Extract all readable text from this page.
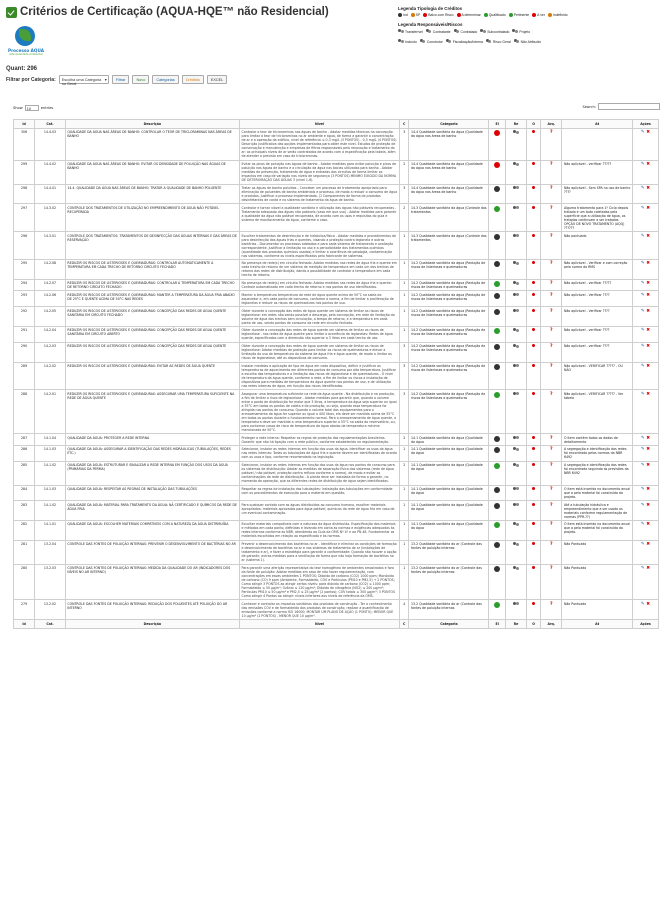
Critérios de Certificação (AQUA-HQE™ não Residencial)
Processo AQUA
Alta Qualidade Ambiental
Quant: 296
Filtrar por Categoria:	Escolha uma Categoria ou Geral ▾
Filtrar	Novo	Categorias	Créditos	EXCEL
Legenda Tipologia de Créditos
Ind SP Baixo com Risco A determinar Qualificado Pertinente A ver Indefinido
Legenda Responsáveis/Riscos
Transferível	Contratante	Contratado	Subcontratado	Projeto
Incluído	Construtor	Fiscalização/Interna	Risco Geral	Não Atribuído
Show	10	entries	Search:
Id	Cat.	Descrição	Nível	C	Categoria	Ei	Re	O	Arq.	At	Ações
306	14.4.03	QUALIDADE DA ÁGUA NAS ÁREAS DE BANHO: CONTROLAR O TEOR DE TRICLORAMINAS NAS ÁREAS DE BANHO	Controlar o teor de tricloraminas nas águas de banho - Adotar medidas técnicas na concepção para limitar o teor de tricloraminas no ar ambiente e água, de forma a garantir a concentração de ar e a operação da edifício, nível de referência ≤ 0,3 mg/L (3 PONTOS) - 0,3 mg/L (4 PONTOS) Descrição justificativa das opções implementadas para obter este nível. Estudos de proteção de conservação e manutenção e empresas de filtros responsáveis pela renovação e tratamento do ar: os principais níveis de ar serão contratados de acordo com a especificação pela tabela, além de atender o previsto em caso de tricloraminas.	3	14.4 Qualidade sanitária da água (Qualidade da água nas áreas de banho				?		✎ ✖
299	14.4.02	QUALIDADE DA ÁGUA NAS ÁREAS DE BANHO: EVITAR OS DENSIDADE DE POLUIÇÃO NAS ÁGUAS DE BANHO	Evitar os picos de poluição nas águas de banho - Adotar medidas para evitar poluição e picos de poluição nas águas de banho e a circulação da água nas bacias utilizadas para banho - Adotar medidas de prevenção, tratamento de água e entradas dos circuitos de forma limitar os impactos em caso de variação nos níveis de segurança (3 PONTOS) MÍNIMO EXIGIDO DA NORMA DE DETERIORAÇÃO DAS ÁGUAS 3 (nível 1-6).	2	14.4 Qualidade sanitária da água (Qualidade da água nas áreas de banho				?	Não aplicável - verificar ?????	✎ ✖
298	14.4.01	14.4. QUALIDADE DA ÁGUA NAS ÁREAS DE BANHO: TRATAR A QUALIDADE DE BANHO POLUENTE	Tratar as águas de banho poluídas - Conceber um processo de tratamento apropriado para eliminação de poluentes de banho ambientais e processo, de modo a reduzir o consumo de água e produtos. Justificar o processo implementado. (1 Componentes de forma de produtos desinfetantes de conta e no sistema de tratamento da água de banho.	3	14.4 Qualidade sanitária da água (Qualidade da água nas áreas de banho				?	Não aplicável - Sem SPA no uso de banho ????	✎ ✖
297	14.3.02	CONTROLE DOS TRATAMENTOS DE UTILIZAÇÃO NO EMPREENDIMENTO DE ÁGUA NÃO POTÁVEL RECUPERADA	Controlar e tornar viável a qualidade sanitária e utilização das águas não potáveis recuperadas - Tratamento adequado das águas não potáveis (caso em que uso) - Adotar medidas para garantir a qualidade da água não potável recuperada, de acordo com os usos e requisitos do guia e sistema de monitoramento da água, conforme o caso.	2	14.3 Qualidade sanitária da água (Controle dos tratamentos				?	Alguma tratamento para 1º Ciclo depois tratado e um todo coletadas pela superfície que a utilização de água, os tratados continuam a ser tratadas OPÇÃO DE NOVO TRATAMENTO (AQQ) ??????	✎ ✖
296	14.3.01	CONTROLE DOS TRATAMENTOS: TRATAMENTOS DE DESINFECÇÃO DAS ÁGUAS INTERNAS E DAS ÁREAS DE RESERVAÇÃO	Escolher tratamentos de desinfecção e de hidráulica/física - Adotar medidas e procedimentos de para desinfecção das águas frias e quentes, visando a proteção contra legionela e outras bactérias - Documentar os processos adotados e para cada sistema de tratamento e avaliação correspondente. Justificar a limitação no uso e a periodicidade dos tratamentos químicos (quantidade dos produtos químicos usados) e limitar a ocorrência de patologia, contaminação nos sistemas, conforme os níveis especificados pelo fabricante de sistemas.	1	14.3 Qualidade sanitária da água (Controle dos tratamentos				?	Não pontuado	✎ ✖
295	14.2.08	REDUZIR OS RISCOS DE LISTERIOSES E QUEIMADURAS: CONTROLAR AUTOMATICAMENTE A TEMPERATURA EM CADA TRECHO DE RETORNO CIRCUITO FECHADO	Na presença de rede(s) em circuito fechado: Adotar medidas nas redes de água fria e quente em cada trecho de retorno de um sistema de medição de temperatura em cada um dos trechos de retorno das redes de distribuição, dando a possibilidade de controlar a temperatura em cada trecho de retorno.	1	14.2 Qualidade sanitária da água (Redução de riscos de listerioses e queimaduras				?	Não aplicável - Verificar e com correção pela norma da RMS	✎ ✖
294	14.2.07	REDUZIR OS RISCOS DE LISTERIOSES E QUEIMADURAS: CONTROLAR A TEMPERATURA EM CADA TRECHO DE RETORNO CIRCUITO FECHADO	Na presença de rede(s) em circuito fechado: Adotar medidas nas redes de água fria e quente: Controle automatizado em cada trecho de retorno e nos pontos de uso identificados.	1	14.2 Qualidade sanitária da água (Redução de riscos de listerioses e queimaduras				?	Não aplicável - verificar ?????	✎ ✖
293	14.2.06	REDUZIR OS RISCOS DE LISTERIOSES E QUEIMADURAS: MANTER A TEMPERATURA DA ÁGUA FRIA ABAIXO DE 25°C E QUENTE ACIMA DE 50°C NAS REDES	Manter a temperatura temperatura da rede de água quente acima de 50°C na saída do aquecedor e, em cada ponto de consumo, conforme a norma, a fim de limitar a proliferação de legionelas e reduzir os riscos de queimaduras nos pontos de uso.	1	14.2 Qualidade sanitária da água (Redução de riscos de listerioses e queimaduras				?	Não aplicável - Verificar ????	✎ ✖
292	14.2.05	REDUZIR OS RISCOS DE LISTERIOSES E QUEIMADURAS: CONCEPÇÃO DAS REDES DE ÁGUA QUENTE SANITÁRIA EM CIRCUITO FECHADO	Obter durante a concepção das redes de água quente um sistema de limitar os riscos de legionelose: em redes não sendo possível a descarga, pela concepção, em rede de limitação do volume de água dos trechos sem circulação, o tempo de retorno, e a temperatura em cada ponto de uso, sendo pontos de consumo da rede em circuito fechado.	1	14.2 Qualidade sanitária da água (Redução de riscos de listerioses e queimaduras				?	Não aplicável - Verificar ????	✎ ✖
291	14.2.04	REDUZIR OS RISCOS DE LISTERIOSES E QUEIMADURAS: CONCEPÇÃO DAS REDES DE ÁGUA QUENTE SANITÁRIA EM CIRCUITO ABERTO	Obter durante a concepção das redes de água quente um sistema de limitar os riscos de legionelose - nas redes de água quente para limitar a ocorrência de legionelas: Redes de água quente, especificados com a dimensão não superior a 3 litros em cada trecho de uso.	1	14.2 Qualidade sanitária da água (Redução de riscos de listerioses e queimaduras				?	Não aplicável - verificar ????	✎ ✖
290	14.2.03	REDUZIR OS RISCOS DE LISTERIOSES E QUEIMADURAS: CONCEPÇÃO DAS REDES DE ÁGUA QUENTE	Obter durante a concepção das redes de água quente um sistema de limitar os riscos de legionelose: Adotar medidas de proteção para limitar os riscos de queimaduras e elevar a limitação do uso de temperatura do sistema de água fria e água quente, de modo a limitar os riscos de legionelose, até os dispositivos de consumo.	3	14.2 Qualidade sanitária da água (Redução de riscos de listerioses e queimaduras				?	Não aplicável - verificar ????	✎ ✖
289	14.2.02	REDUZIR OS RISCOS DE LISTERIOSES E QUEIMADURAS: EVITAR AS REDES DE ÁGUA QUENTE	Instalar medidas a aplicação de tipo de água em cada dispositivo, definir e justificar as temperaturas de aquecimento em diferentes pontos de consumo por alta temperatura. Justificar a escolha das temperaturas e a limitação dos riscos de legionelose e de queimaduras - O nível de temperatura da água quente, conforme a rede, a fim de limitar os riscos a instalação de dispositivos para medidas de temperatura da água quente nos pontos de uso, e de utilização nas redes internas de água, em função dos riscos identificados.	3	14.2 Qualidade sanitária da água (Redução de riscos de listerioses e queimaduras				?	Não aplicável - VERIFICAR ????? - OU NÃO	✎ ✖
288	14.2.01	REDUZIR OS RISCOS DE LISTERIOSES E QUEIMADURAS: ASSEGURAR UMA TEMPERATURA SUFICIENTE NA REDE DE ÁGUA QUENTE	Assegurar uma temperatura suficiente na rede de água quente - Na distribuição e na produção, a fim de limitar o risco de legionelose - Adotar medidas para garantir que, quando o volume entre o ponto de distribuição for maior que 3 litros, a temperatura da água seja superior ou igual a 55°C em todos os pontos de coleta e de produção, ou seja, quando essa temperatura for atingida nos pontos de consumo. Quando o volume total dos equipamentos para o armazenamento da água for superior ou igual a 400 litros, ela deve ser mantida acima de 55°C em todos os pontos durante o funcionamento normal. Para o armazenamento de água quente, a temperatura deve ser mantida a uma temperatura superior a 55°C na saída do reservatório, ou, para contornar casos de risco de temperatura da água abaixo da temperatura mínima mencionada de 50°C.	3	14.2 Qualidade sanitária da água (Redução de riscos de listerioses e queimaduras				?	Não aplicável - VERIFICAR ????? - Ver tabela	✎ ✖
287	14.1.04	QUALIDADE DA ÁGUA: PROTEGER A REDE INTERNA	Proteger a rede interna: Respeitar as regras de proteção das regulamentações brasileiras. Garantir que não há ligação com a rede pública, conforme estabelecido na regulamentação.	2	14.1 Qualidade sanitária da água (Qualidade da água				?	O item contém todos os dados de detalhamento	✎ ✖
286	14.1.03	QUALIDADE DA ÁGUA: ASSEGURAR A IDENTIFICAÇÃO DAS REDES HIDRÁULICAS (TUBULAÇÕES, REDES ETC.)	Selecionar, instalar as redes internas em função dos usos da água. Identificar os usos da água nas redes internas: Todas as tubulações de água fria e quente devem ser identificadas de acordo com os usos e tipo, conforme recomendado na legislação.	1	14.1 Qualidade sanitária da água (Qualidade da água				?	A segregação e identificação das redes foi encontrada pelas normas da NBR 6492	✎ ✖
285	14.1.02	QUALIDADE DA ÁGUA: ESTRUTURAR E SINALIZAR A REDE INTERNA EM FUNÇÃO DOS USOS DA ÁGUA (PRIMÁRIAS DA PERMA)	Selecionar, instalar as redes internas em função dos usos da água nos pontos de consumo para os sistemas de distribuição: Adotar as medidas de separação física dos sistemas (rede de água potável / não potável, proteção contra refluxo conforme a norma), de modo a evitar as contaminações da rede de distribuição - A planta deve ser instalada de forma a garantir, no momento da operação, que as diferentes redes de distribuição de água sejam identificadas.	2	14.1 Qualidade sanitária da água (Qualidade da água				?	A segregação e identificação das redes foi encontrada seguindo as previsões da NBR 6492	✎ ✖
284	14.1.03	QUALIDADE DA ÁGUA: RESPEITAR AS REGRAS DE INSTALAÇÃO DAS TUBULAÇÕES	Respeitar as regras de instalação das tubulações: Instalação das tubulações em conformidade com os procedimentos de execução para o material em questão.	1	14.1 Qualidade sanitária da água (Qualidade da água				?	O item está inserido no documento anual que a pelo material foi construída do projeto.	✎ ✖
283	14.1.02	QUALIDADE DA ÁGUA: MATERIAL PARA TRATAMENTO DA ÁGUA: NÃ CERTIFICADO E QUÍMICOS DA REDE DE ÁGUA FRIA	Para qualquer contato com as águas distribuídas ao consumo humano, escolher materiais apropriados: materiais aprovados para água potável, químicos da rede de água fria em caso de um eventual contaminação.	1	14.1 Qualidade sanitária da água (Qualidade da água				?	Até a tubulação hidráulica e empreendimento que a ser usado os materiais conforme regulamentação de normas (PPR-??)	✎ ✖
282	14.1.01	QUALIDADE DA ÁGUA: ESCOLHER MATERIAIS COMPATÍVEIS COM A NATUREZA DA ÁGUA DISTRIBUÍDA	Escolher materiais compatíveis com a natureza da água distribuída. Especificação dos materiais e métodos em cada ponto, definidas e levando em conta as normas e exigências adequadas às redes internas conforme as NBR, atendendo ao Guia da OMS Nº 4º e ao PN 48. Fundamentar os materiais escolhidos em relação ao especificado e às normas.	1	14.1 Qualidade sanitária da água (Qualidade da água				?	O item está inserido no documento anual que a pelo material foi construída do projeto.	✎ ✖
281	13.2.04	CONTROLE DAS FONTES DE POLUIÇÃO INTERNAS: PREVENIR O DESENVOLVIMENTO DE BACTÉRIAS NO AR	Prevenir o desenvolvimento das bactérias no ar - Identificar e eliminar as condições de formação e desenvolvimento de bactérias no ar e nos sistemas de tratamento de ar (instalações de tratamento e ar), e fazer a estratégia para garantir a conformidade: Quando não houver a opção de garantir, outras medidas para a ventilação de forma que não haja formação de bactérias no ar (sistema 1).	1	13.2 Qualidade sanitária do ar (Controle das fontes de poluição internas				?	Não Pontuado	✎ ✖
280	13.2.03	CONTROLE DAS FONTES DE POLUIÇÃO INTERNAS: MEDIDA DA QUALIDADE DO AR (INDICADORES DOS NÍVEIS NO AR INTERNO)	Para garantir uma aferição representativa do teor homogêneo de ambientes amostrados e fora da fonte de poluição: Adotar medidas em caso de não haver regulamentação, com concentrações em esses ambientes 1 PONTOS; Dióxido de carbono (CO2) 1000 ppm; Monóxido de carbono (CO) 9 ppm (Ambiente, Formaldeído, COV e Partículas (PM10 e PM2,5) → 2 PONTOS; Como atingir 3 PONTOS ao atingir certos níveis: para dióxido de carbono (CO2) ≤ 1000 ppm; Formaldeído ≤ 50 µg/m³; Ozônio ≤ 120 µg/m³; Dióxido de nitrogênio (NO2) ≤ 200 µg/m³; Partículas PM10 ≤ 50 µg/m³ e PM2,5 ≤ 25 µg/m³ (2 pontos); COV totais ≤ 300 µg/m³; 3 PONTOS Como atingir 4 Pontos ao atingir: níveis inferiores aos níveis de referência da OMS.	1	13.2 Qualidade sanitária do ar (Controle das fontes de poluição internas				?	Não Pontuado	✎ ✖
279	13.2.02	CONTROLE DAS FONTES DE POLUIÇÃO INTERNAS: REDUÇÃO DOS POLUENTES ATÉ POLUIÇÃO DO AR INTERNO	Conhecer e controlar os impactos sanitários dos produtos de construção - Ter o conhecimento das emissões COV e de formaldeído dos produtos de construção, realizar a quantificação de emissões conforme a norma ISO 16000; MONTAR UM PLANO DE AÇÃO (1 PONTO); MENOR QUE 10 µg/m³ (2 PONTOS) - MENOR QUE 10 µg/m³.	4	13.2 Qualidade sanitária do ar (Controle das fontes de poluição internas				?	Não Pontuado	✎ ✖
Id	Cat.	Descrição	Nível	C	Categoria	Ei	Re	O	Arq.	At	Ações
